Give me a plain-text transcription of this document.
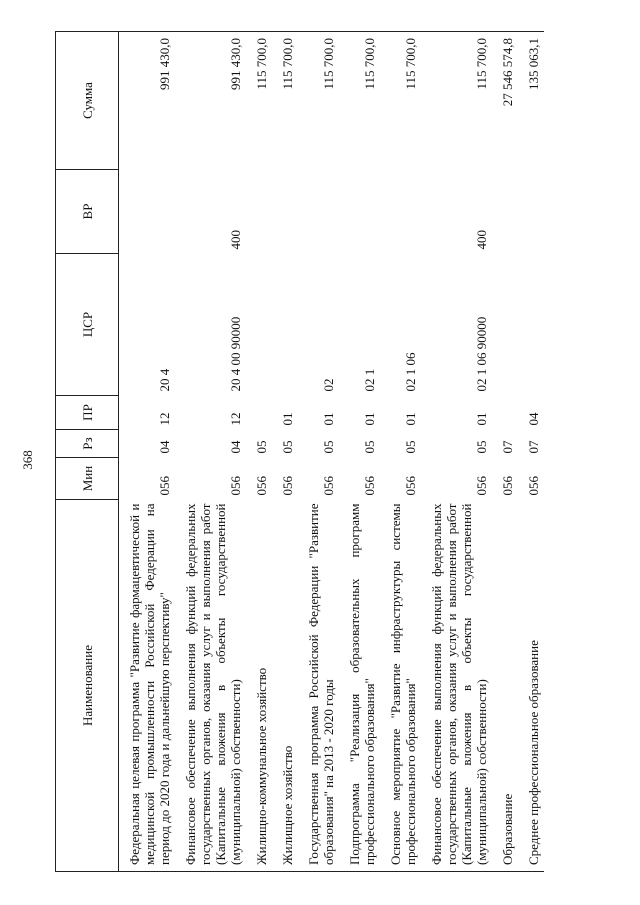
368
Наименование	Мин	Рз	ПР	ЦСР	ВР	Сумма
Федеральная целевая программа "Развитие фармацевтической и медицинской промышленности Российской Федерации на период до 2020 года и дальнейшую перспективу"	056	04	12	20 4		991 430,0
Финансовое обеспечение выполнения функций федеральных государственных органов, оказания услуг и выполнения работ (Капитальные вложения в объекты государственной (муниципальной) собственности)	056	04	12	20 4 00 90000	400	991 430,0
Жилищно-коммунальное хозяйство	056	05				115 700,0
Жилищное хозяйство	056	05	01			115 700,0
Государственная программа Российской Федерации "Развитие образования" на 2013 - 2020 годы	056	05	01	02		115 700,0
Подпрограмма "Реализация образовательных программ профессионального образования"	056	05	01	02 1		115 700,0
Основное мероприятие "Развитие инфраструктуры системы профессионального образования"	056	05	01	02 1 06		115 700,0
Финансовое обеспечение выполнения функций федеральных государственных органов, оказания услуг и выполнения работ (Капитальные вложения в объекты государственной (муниципальной) собственности)	056	05	01	02 1 06 90000	400	115 700,0
Образование	056	07				27 546 574,8
Среднее профессиональное образование	056	07	04			135 063,1
